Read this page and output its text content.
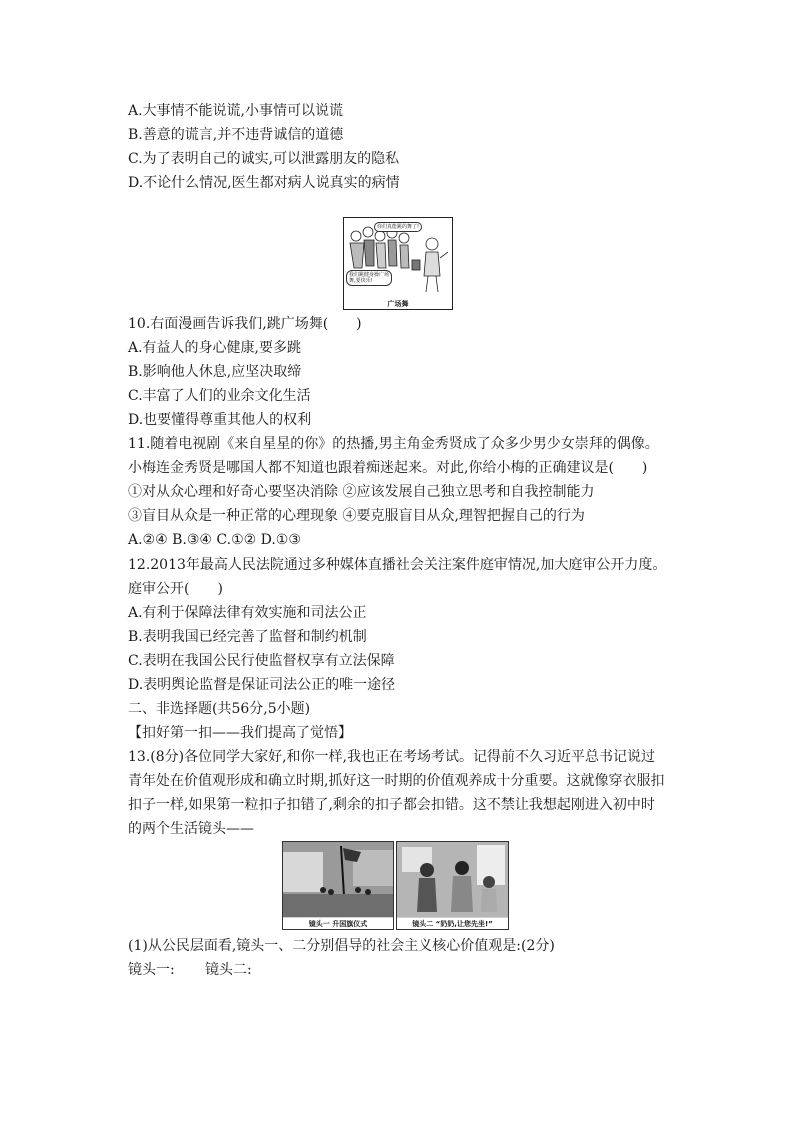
A.大事情不能说谎,小事情可以说谎
B.善意的谎言,并不违背诚信的道德
C.为了表明自己的诚实,可以泄露朋友的隐私
D.不论什么情况,医生都对病人说真实的病情
你们真能跳的舞了!
我们跳健身操广场舞,要快乐!
广场舞
10.右面漫画告诉我们,跳广场舞(　　)
A.有益人的身心健康,要多跳
B.影响他人休息,应坚决取缔
C.丰富了人们的业余文化生活
D.也要懂得尊重其他人的权利
11.随着电视剧《来自星星的你》的热播,男主角金秀贤成了众多少男少女崇拜的偶像。
小梅连金秀贤是哪国人都不知道也跟着痴迷起来。对此,你给小梅的正确建议是(　　)
①对从众心理和好奇心要坚决消除 ②应该发展自己独立思考和自我控制能力
③盲目从众是一种正常的心理现象 ④要克服盲目从众,理智把握自己的行为
A.②④ B.③④ C.①② D.①③
12.2013年最高人民法院通过多种媒体直播社会关注案件庭审情况,加大庭审公开力度。
庭审公开(　　)
A.有利于保障法律有效实施和司法公正
B.表明我国已经完善了监督和制约机制
C.表明在我国公民行使监督权享有立法保障
D.表明舆论监督是保证司法公正的唯一途径
二、非选择题(共56分,5小题)
【扣好第一扣——我们提高了觉悟】
13.(8分)各位同学大家好,和你一样,我也正在考场考试。记得前不久习近平总书记说过
青年处在价值观形成和确立时期,抓好这一时期的价值观养成十分重要。这就像穿衣服扣
扣子一样,如果第一粒扣子扣错了,剩余的扣子都会扣错。这不禁让我想起刚进入初中时
的两个生活镜头——
镜头一 升国旗仪式	镜头二 “奶奶,让您先坐!”
(1)从公民层面看,镜头一、二分别倡导的社会主义核心价值观是:(2分)
镜头一: 镜头二:
